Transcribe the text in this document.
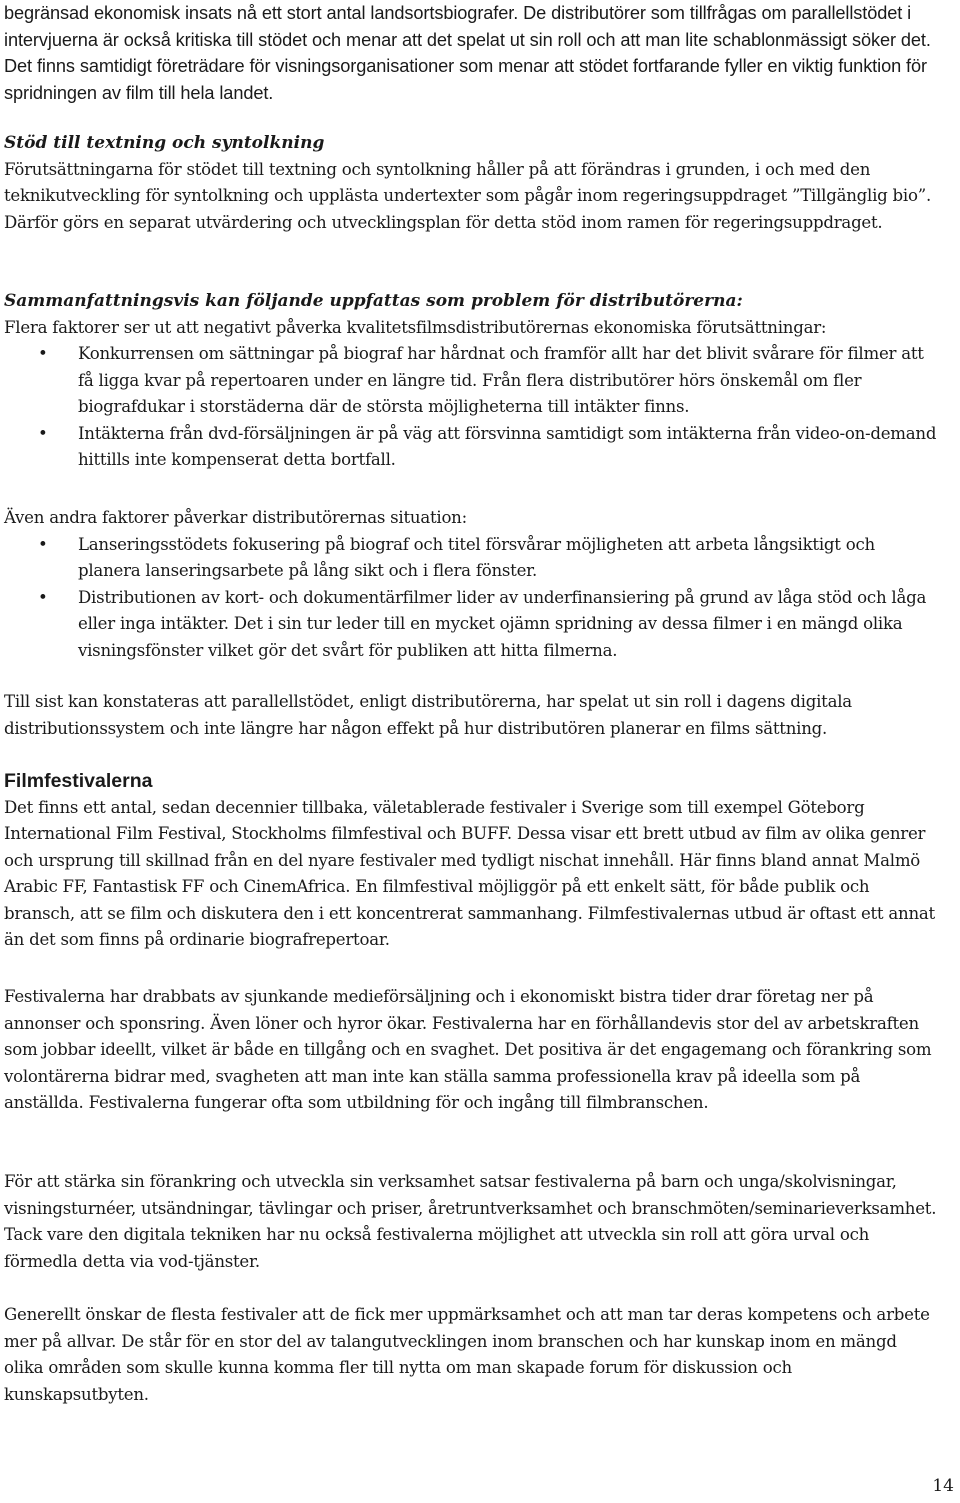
begränsad ekonomisk insats nå ett stort antal landsortsbiografer. De distributörer som tillfrågas om parallellstödet i intervjuerna är också kritiska till stödet och menar att det spelat ut sin roll och att man lite schablonmässigt söker det. Det finns samtidigt företrädare för visningsorganisationer som menar att stödet fortfarande fyller en viktig funktion för spridningen av film till hela landet.

Stöd till textning och syntolkning

Förutsättningarna för stödet till textning och syntolkning håller på att förändras i grunden, i och med den teknikutveckling för syntolkning och upplästa undertexter som pågår inom regeringsuppdraget ”Tillgänglig bio”. Därför görs en separat utvärdering och utvecklingsplan för detta stöd inom ramen för regeringsuppdraget.

Sammanfattningsvis kan följande uppfattas som problem för distributörerna:

Flera faktorer ser ut att negativt påverka kvalitetsfilmsdistributörernas ekonomiska förutsättningar:

• Konkurrensen om sättningar på biograf har hårdnat och framför allt har det blivit svårare för filmer att få ligga kvar på repertoaren under en längre tid. Från flera distributörer hörs önskemål om fler biografdukar i storstäderna där de största möjligheterna till intäkter finns.
• Intäkterna från dvd-försäljningen är på väg att försvinna samtidigt som intäkterna från video-on-demand hittills inte kompenserat detta bortfall.

Även andra faktorer påverkar distributörernas situation:

• Lanseringsstödets fokusering på biograf och titel försvårar möjligheten att arbeta långsiktigt och planera lanseringsarbete på lång sikt och i flera fönster.
• Distributionen av kort- och dokumentärfilmer lider av underfinansiering på grund av låga stöd och låga eller inga intäkter. Det i sin tur leder till en mycket ojämn spridning av dessa filmer i en mängd olika visningsfönster vilket gör det svårt för publiken att hitta filmerna.

Till sist kan konstateras att parallellstödet, enligt distributörerna, har spelat ut sin roll i dagens digitala distributionssystem och inte längre har någon effekt på hur distributören planerar en films sättning.

Filmfestivalerna

Det finns ett antal, sedan decennier tillbaka, väletablerade festivaler i Sverige som till exempel Göteborg International Film Festival, Stockholms filmfestival och BUFF. Dessa visar ett brett utbud av film av olika genrer och ursprung till skillnad från en del nyare festivaler med tydligt nischat innehåll. Här finns bland annat Malmö Arabic FF, Fantastisk FF och CinemAfrica. En filmfestival möjliggör på ett enkelt sätt, för både publik och bransch, att se film och diskutera den i ett koncentrerat sammanhang. Filmfestivalernas utbud är oftast ett annat än det som finns på ordinarie biografrepertoar.

Festivalerna har drabbats av sjunkande medieförsäljning och i ekonomiskt bistra tider drar företag ner på annonser och sponsring. Även löner och hyror ökar. Festivalerna har en förhållandevis stor del av arbetskraften som jobbar ideellt, vilket är både en tillgång och en svaghet. Det positiva är det engagemang och förankring som volontärerna bidrar med, svagheten att man inte kan ställa samma professionella krav på ideella som på anställda. Festivalerna fungerar ofta som utbildning för och ingång till filmbranschen.

För att stärka sin förankring och utveckla sin verksamhet satsar festivalerna på barn och unga/skolvisningar, visningsturnéer, utsändningar, tävlingar och priser, åretruntverksamhet och branschmöten/seminarieverksamhet. Tack vare den digitala tekniken har nu också festivalerna möjlighet att utveckla sin roll att göra urval och förmedla detta via vod-tjänster.

Generellt önskar de flesta festivaler att de fick mer uppmärksamhet och att man tar deras kompetens och arbete mer på allvar. De står för en stor del av talangutvecklingen inom branschen och har kunskap inom en mängd olika områden som skulle kunna komma fler till nytta om man skapade forum för diskussion och kunskapsutbyten.

14
